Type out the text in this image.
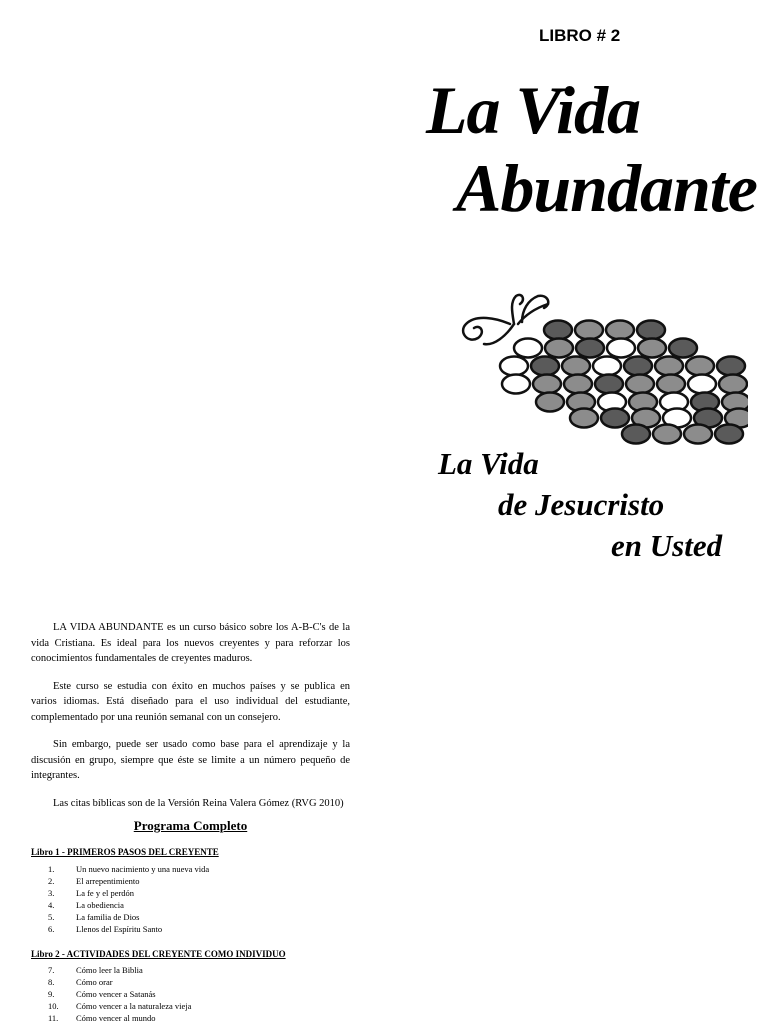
LIBRO # 2
La Vida
Abundante
La Vida
de Jesucristo
en Usted

LA VIDA ABUNDANTE es un curso básico sobre los A-B-C's de la vida Cristiana. Es ideal para los nuevos creyentes y para reforzar los conocimientos fundamentales de creyentes maduros.

Este curso se estudia con éxito en muchos países y se publica en varios idiomas. Está diseñado para el uso individual del estudiante, complementado por una reunión semanal con un consejero.

Sin embargo, puede ser usado como base para el aprendizaje y la discusión en grupo, siempre que éste se limite a un número pequeño de integrantes.

Las citas bíblicas son de la Versión Reina Valera Gómez (RVG 2010)

Programa Completo
Libro 1 - PRIMEROS PASOS DEL CREYENTE
1.	Un nuevo nacimiento y una nueva vida
2.	El arrepentimiento
3.	La fe y el perdón
4.	La obediencia
5.	La familia de Dios
6.	Llenos del Espíritu Santo
Libro 2 - ACTIVIDADES DEL CREYENTE COMO INDIVIDUO
7.	Cómo leer la Biblia
8.	Cómo orar
9.	Cómo vencer a Satanás
10.	Cómo vencer a la naturaleza vieja
11.	Cómo vencer al mundo
